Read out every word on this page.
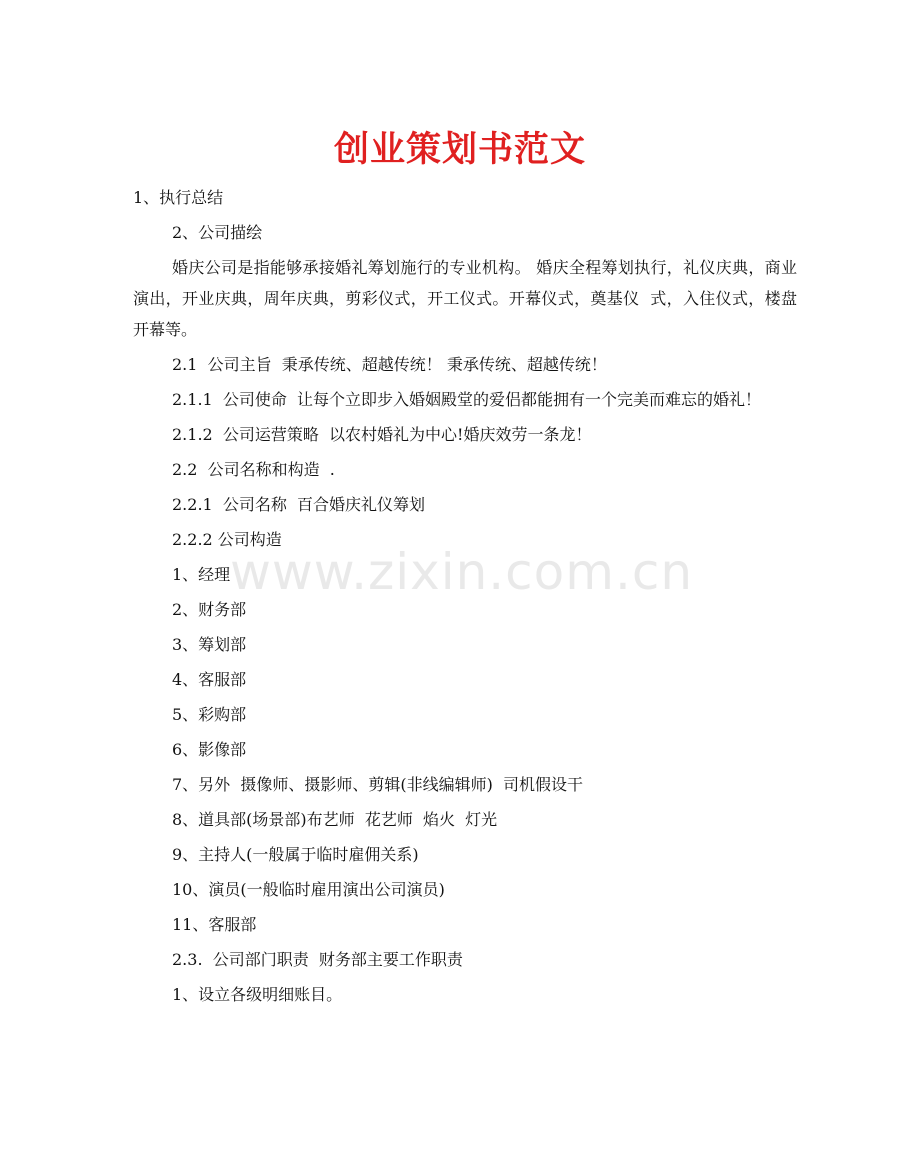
www.zixin.com.cn
创业策划书范文

1、执行总结

2、公司描绘

婚庆公司是指能够承接婚礼筹划施行的专业机构。 婚庆全程筹划执行，礼仪庆典，商业演出，开业庆典，周年庆典，剪彩仪式，开工仪式。开幕仪式，奠基仪  式，入住仪式，楼盘开幕等。

2.1  公司主旨  秉承传统、超越传统！ 秉承传统、超越传统！

2.1.1  公司使命  让每个立即步入婚姻殿堂的爱侣都能拥有一个完美而难忘的婚礼！

2.1.2  公司运营策略  以农村婚礼为中心!婚庆效劳一条龙！

2.2  公司名称和构造  .

2.2.1  公司名称  百合婚庆礼仪筹划

2.2.2 公司构造

1、经理

2、财务部

3、筹划部

4、客服部

5、彩购部

6、影像部

7、另外  摄像师、摄影师、剪辑(非线编辑师)  司机假设干

8、道具部(场景部)布艺师  花艺师  焰火  灯光

9、主持人(一般属于临时雇佣关系)

10、演员(一般临时雇用演出公司演员)

11、客服部

2.3.  公司部门职责  财务部主要工作职责

1、设立各级明细账目。
